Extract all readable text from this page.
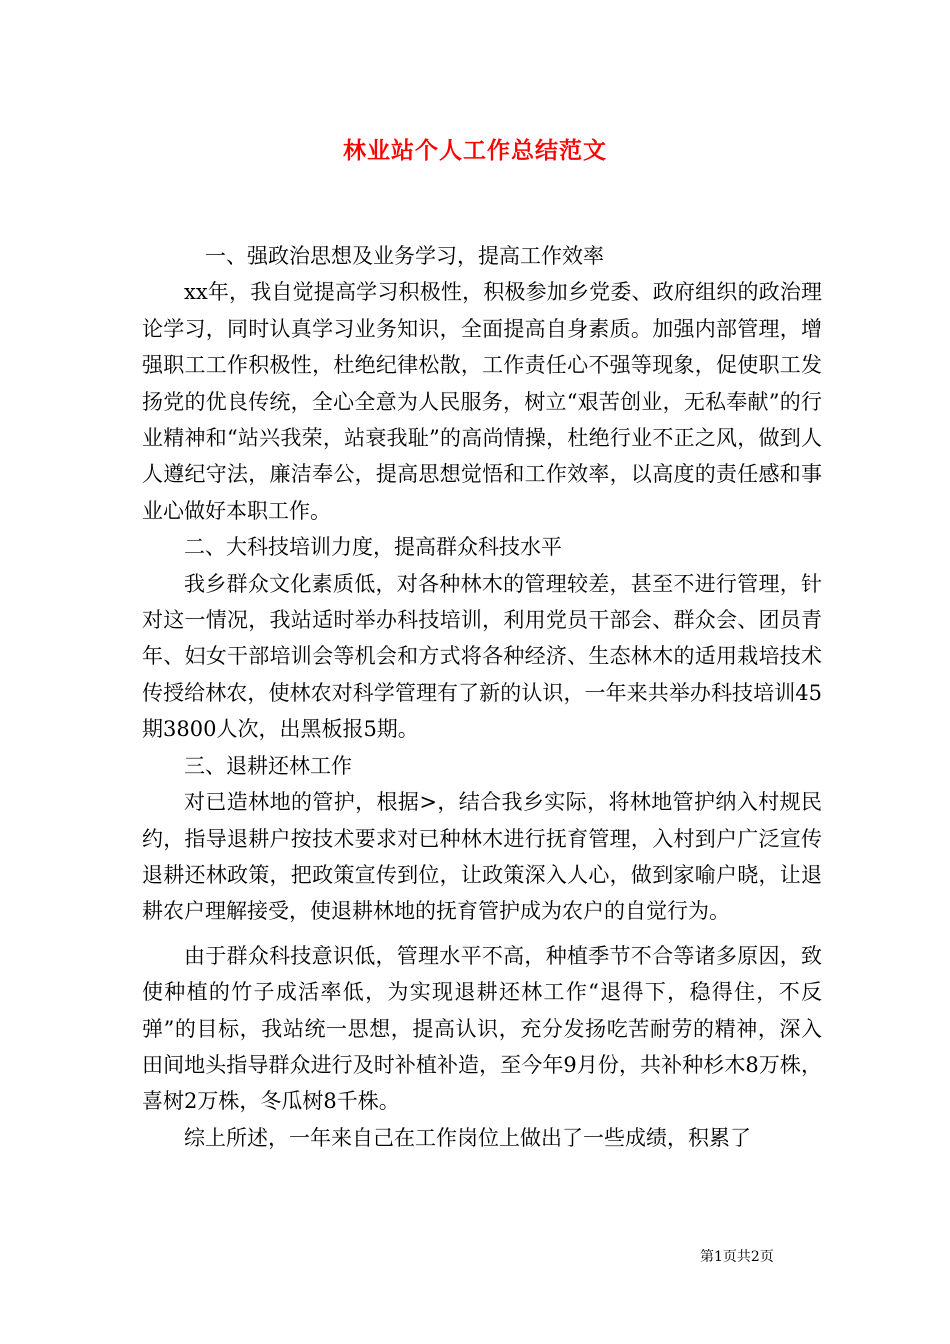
林业站个人工作总结范文

一、强政治思想及业务学习，提高工作效率

xx年，我自觉提高学习积极性，积极参加乡党委、政府组织的政治理论学习，同时认真学习业务知识，全面提高自身素质。加强内部管理，增强职工工作积极性，杜绝纪律松散，工作责任心不强等现象，促使职工发扬党的优良传统，全心全意为人民服务，树立“艰苦创业，无私奉献”的行业精神和“站兴我荣，站衰我耻”的高尚情操，杜绝行业不正之风，做到人人遵纪守法，廉洁奉公，提高思想觉悟和工作效率，以高度的责任感和事业心做好本职工作。

二、大科技培训力度，提高群众科技水平

我乡群众文化素质低，对各种林木的管理较差，甚至不进行管理，针对这一情况，我站适时举办科技培训，利用党员干部会、群众会、团员青年、妇女干部培训会等机会和方式将各种经济、生态林木的适用栽培技术传授给林农，使林农对科学管理有了新的认识，一年来共举办科技培训45期3800人次，出黑板报5期。

三、退耕还林工作

对已造林地的管护，根据>，结合我乡实际，将林地管护纳入村规民约，指导退耕户按技术要求对已种林木进行抚育管理，入村到户广泛宣传退耕还林政策，把政策宣传到位，让政策深入人心，做到家喻户晓，让退耕农户理解接受，使退耕林地的抚育管护成为农户的自觉行为。

由于群众科技意识低，管理水平不高，种植季节不合等诸多原因，致使种植的竹子成活率低，为实现退耕还林工作“退得下，稳得住，不反弹”的目标，我站统一思想，提高认识，充分发扬吃苦耐劳的精神，深入田间地头指导群众进行及时补植补造，至今年9月份，共补种杉木8万株，喜树2万株，冬瓜树8千株。

综上所述，一年来自己在工作岗位上做出了一些成绩，积累了

第1页共2页
